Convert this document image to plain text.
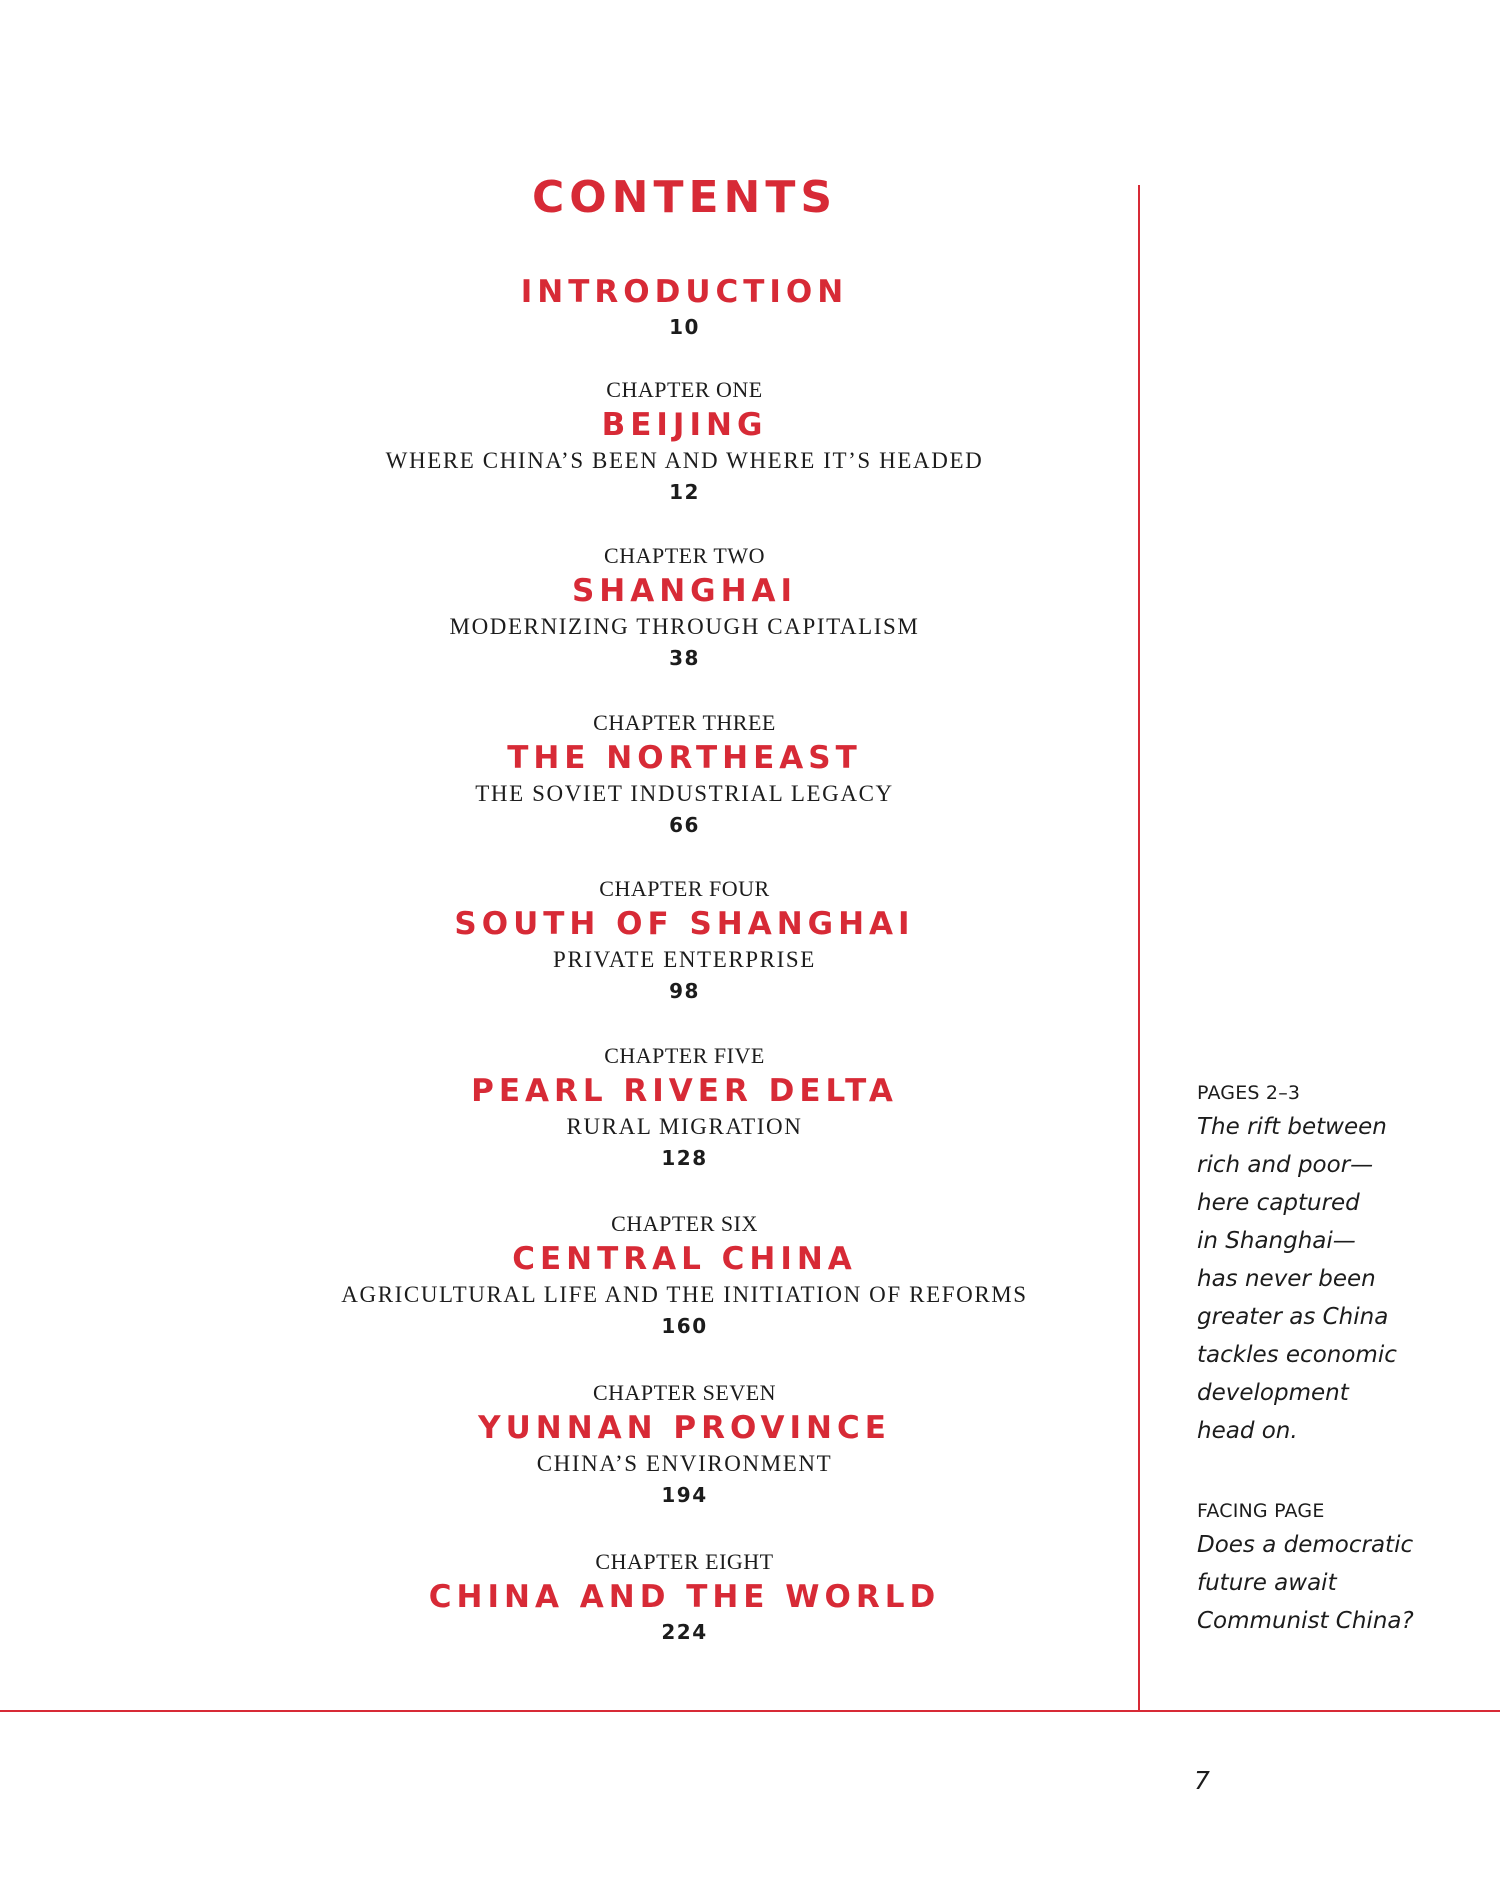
CONTENTS
INTRODUCTION
10
CHAPTER ONE
BEIJING
WHERE CHINA’S BEEN AND WHERE IT’S HEADED
12
CHAPTER TWO
SHANGHAI
MODERNIZING THROUGH CAPITALISM
38
CHAPTER THREE
THE NORTHEAST
THE SOVIET INDUSTRIAL LEGACY
66
CHAPTER FOUR
SOUTH OF SHANGHAI
PRIVATE ENTERPRISE
98
CHAPTER FIVE
PEARL RIVER DELTA
RURAL MIGRATION
128
CHAPTER SIX
CENTRAL CHINA
AGRICULTURAL LIFE AND THE INITIATION OF REFORMS
160
CHAPTER SEVEN
YUNNAN PROVINCE
CHINA’S ENVIRONMENT
194
CHAPTER EIGHT
CHINA AND THE WORLD
224
PAGES 2–3
The rift between
rich and poor—
here captured
in Shanghai—
has never been
greater as China
tackles economic
development
head on.
FACING PAGE
Does a democratic
future await
Communist China?
7
